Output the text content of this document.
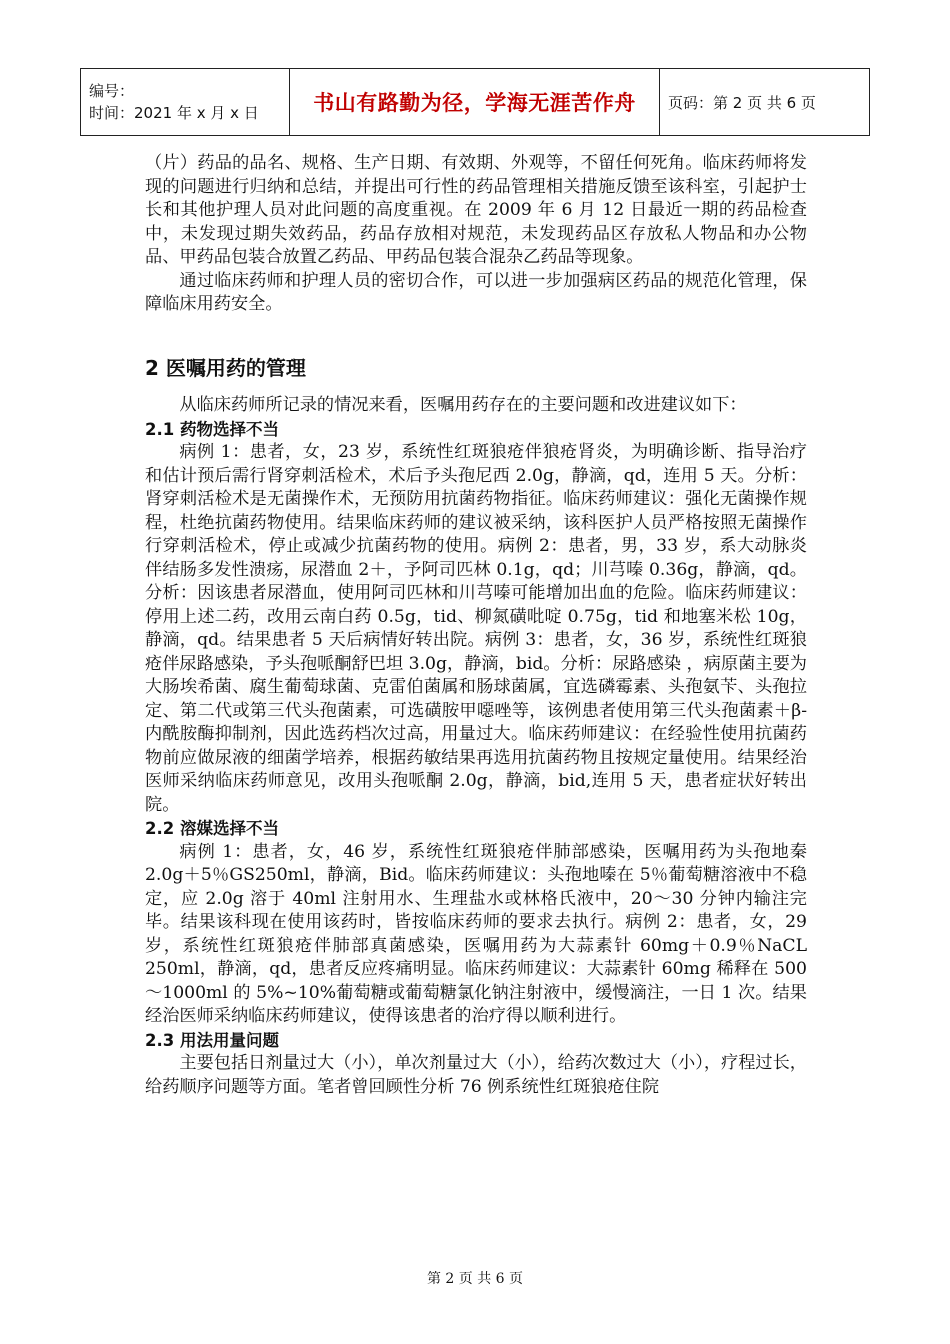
编号：
时间：2021 年 x 月 x 日	书山有路勤为径，学海无涯苦作舟	页码：第 2 页 共 6 页

（片）药品的品名、规格、生产日期、有效期、外观等，不留任何死角。临床药师将发现的问题进行归纳和总结，并提出可行性的药品管理相关措施反馈至该科室，引起护士长和其他护理人员对此问题的高度重视。在 2009 年 6 月 12 日最近一期的药品检查中，未发现过期失效药品，药品存放相对规范，未发现药品区存放私人物品和办公物品、甲药品包装合放置乙药品、甲药品包装合混杂乙药品等现象。

通过临床药师和护理人员的密切合作，可以进一步加强病区药品的规范化管理，保障临床用药安全。

2 医嘱用药的管理

从临床药师所记录的情况来看，医嘱用药存在的主要问题和改进建议如下：

2.1 药物选择不当

病例 1：患者，女，23 岁，系统性红斑狼疮伴狼疮肾炎，为明确诊断、指导治疗和估计预后需行肾穿刺活检术，术后予头孢尼西 2.0g，静滴，qd，连用 5 天。分析：肾穿刺活检术是无菌操作术，无预防用抗菌药物指征。临床药师建议：强化无菌操作规程，杜绝抗菌药物使用。结果临床药师的建议被采纳，该科医护人员严格按照无菌操作行穿刺活检术，停止或减少抗菌药物的使用。病例 2：患者，男，33 岁，系大动脉炎伴结肠多发性溃疡，尿潜血 2＋，予阿司匹林 0.1g，qd；川芎嗪 0.36g，静滴，qd。分析：因该患者尿潜血，使用阿司匹林和川芎嗪可能增加出血的危险。临床药师建议：停用上述二药，改用云南白药 0.5g，tid、柳氮磺吡啶 0.75g，tid 和地塞米松 10g，静滴，qd。结果患者 5 天后病情好转出院。病例 3：患者，女，36 岁，系统性红斑狼疮伴尿路感染，予头孢哌酮舒巴坦 3.0g，静滴，bid。分析：尿路感染 ，病原菌主要为大肠埃希菌、腐生葡萄球菌、克雷伯菌属和肠球菌属，宜选磷霉素、头孢氨苄、头孢拉定、第二代或第三代头孢菌素，可选磺胺甲噁唑等，该例患者使用第三代头孢菌素＋β-内酰胺酶抑制剂，因此选药档次过高，用量过大。临床药师建议：在经验性使用抗菌药物前应做尿液的细菌学培养，根据药敏结果再选用抗菌药物且按规定量使用。结果经治医师采纳临床药师意见，改用头孢哌酮 2.0g，静滴，bid,连用 5 天，患者症状好转出院。

2.2 溶媒选择不当

病例 1：患者，女，46 岁，系统性红斑狼疮伴肺部感染，医嘱用药为头孢地秦 2.0g＋5％GS250ml，静滴，Bid。临床药师建议：头孢地嗪在 5％葡萄糖溶液中不稳定，应 2.0g 溶于 40ml 注射用水、生理盐水或林格氏液中，20～30 分钟内输注完毕。结果该科现在使用该药时，皆按临床药师的要求去执行。病例 2：患者，女，29 岁，系统性红斑狼疮伴肺部真菌感染，医嘱用药为大蒜素针 60mg＋0.9％NaCL 250ml，静滴，qd，患者反应疼痛明显。临床药师建议：大蒜素针 60mg 稀释在 500～1000ml 的 5%~10%葡萄糖或葡萄糖氯化钠注射液中，缓慢滴注，一日 1 次。结果经治医师采纳临床药师建议，使得该患者的治疗得以顺利进行。

2.3 用法用量问题

主要包括日剂量过大（小），单次剂量过大（小），给药次数过大（小），疗程过长，给药顺序问题等方面。笔者曾回顾性分析 76 例系统性红斑狼疮住院

第 2 页 共 6 页
